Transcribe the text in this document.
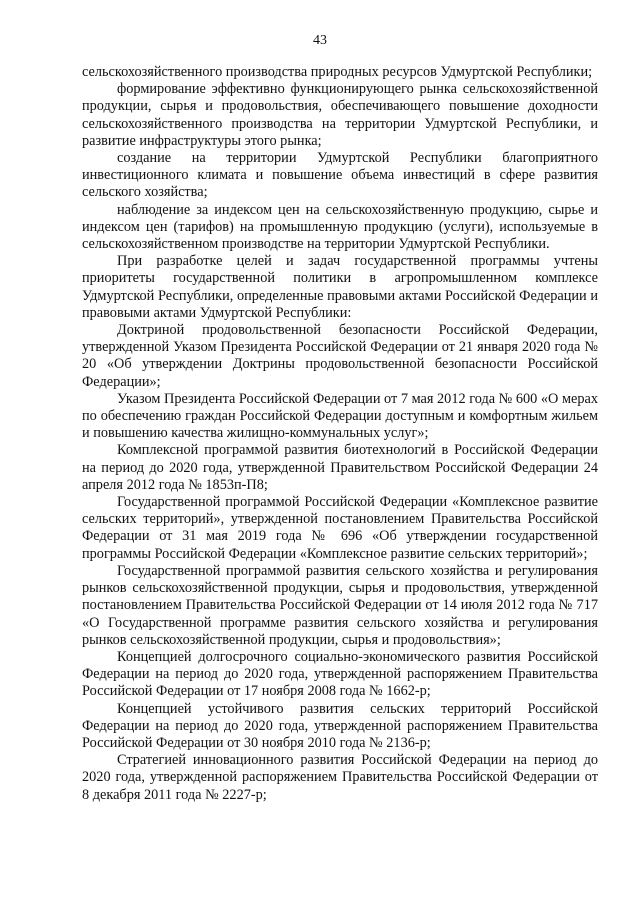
43

сельскохозяйственного производства природных ресурсов Удмуртской Республики;

формирование эффективно функционирующего рынка сельскохозяйственной продукции, сырья и продовольствия, обеспечивающего повышение доходности сельскохозяйственного производства на территории Удмуртской Республики, и развитие инфраструктуры этого рынка;

создание на территории Удмуртской Республики благоприятного инвестиционного климата и повышение объема инвестиций в сфере развития сельского хозяйства;

наблюдение за индексом цен на сельскохозяйственную продукцию, сырье и индексом цен (тарифов) на промышленную продукцию (услуги), используемые в сельскохозяйственном производстве на территории Удмуртской Республики.

При разработке целей и задач государственной программы учтены приоритеты государственной политики в агропромышленном комплексе Удмуртской Республики, определенные правовыми актами Российской Федерации и правовыми актами Удмуртской Республики:

Доктриной продовольственной безопасности Российской Федерации, утвержденной Указом Президента Российской Федерации от 21 января 2020 года № 20 «Об утверждении Доктрины продовольственной безопасности Российской Федерации»;

Указом Президента Российской Федерации от 7 мая 2012 года № 600 «О мерах по обеспечению граждан Российской Федерации доступным и комфортным жильем и повышению качества жилищно-коммунальных услуг»;

Комплексной программой развития биотехнологий в Российской Федерации на период до 2020 года, утвержденной Правительством Российской Федерации 24 апреля 2012 года № 1853п-П8;

Государственной программой Российской Федерации «Комплексное развитие сельских территорий», утвержденной постановлением Правительства Российской Федерации от 31 мая 2019 года № 696 «Об утверждении государственной программы Российской Федерации «Комплексное развитие сельских территорий»;

Государственной программой развития сельского хозяйства и регулирования рынков сельскохозяйственной продукции, сырья и продовольствия, утвержденной постановлением Правительства Российской Федерации от 14 июля 2012 года № 717 «О Государственной программе развития сельского хозяйства и регулирования рынков сельскохозяйственной продукции, сырья и продовольствия»;

Концепцией долгосрочного социально-экономического развития Российской Федерации на период до 2020 года, утвержденной распоряжением Правительства Российской Федерации от 17 ноября 2008 года № 1662-р;

Концепцией устойчивого развития сельских территорий Российской Федерации на период до 2020 года, утвержденной распоряжением Правительства Российской Федерации от 30 ноября 2010 года № 2136-р;

Стратегией инновационного развития Российской Федерации на период до 2020 года, утвержденной распоряжением Правительства Российской Федерации от 8 декабря 2011 года № 2227-р;
